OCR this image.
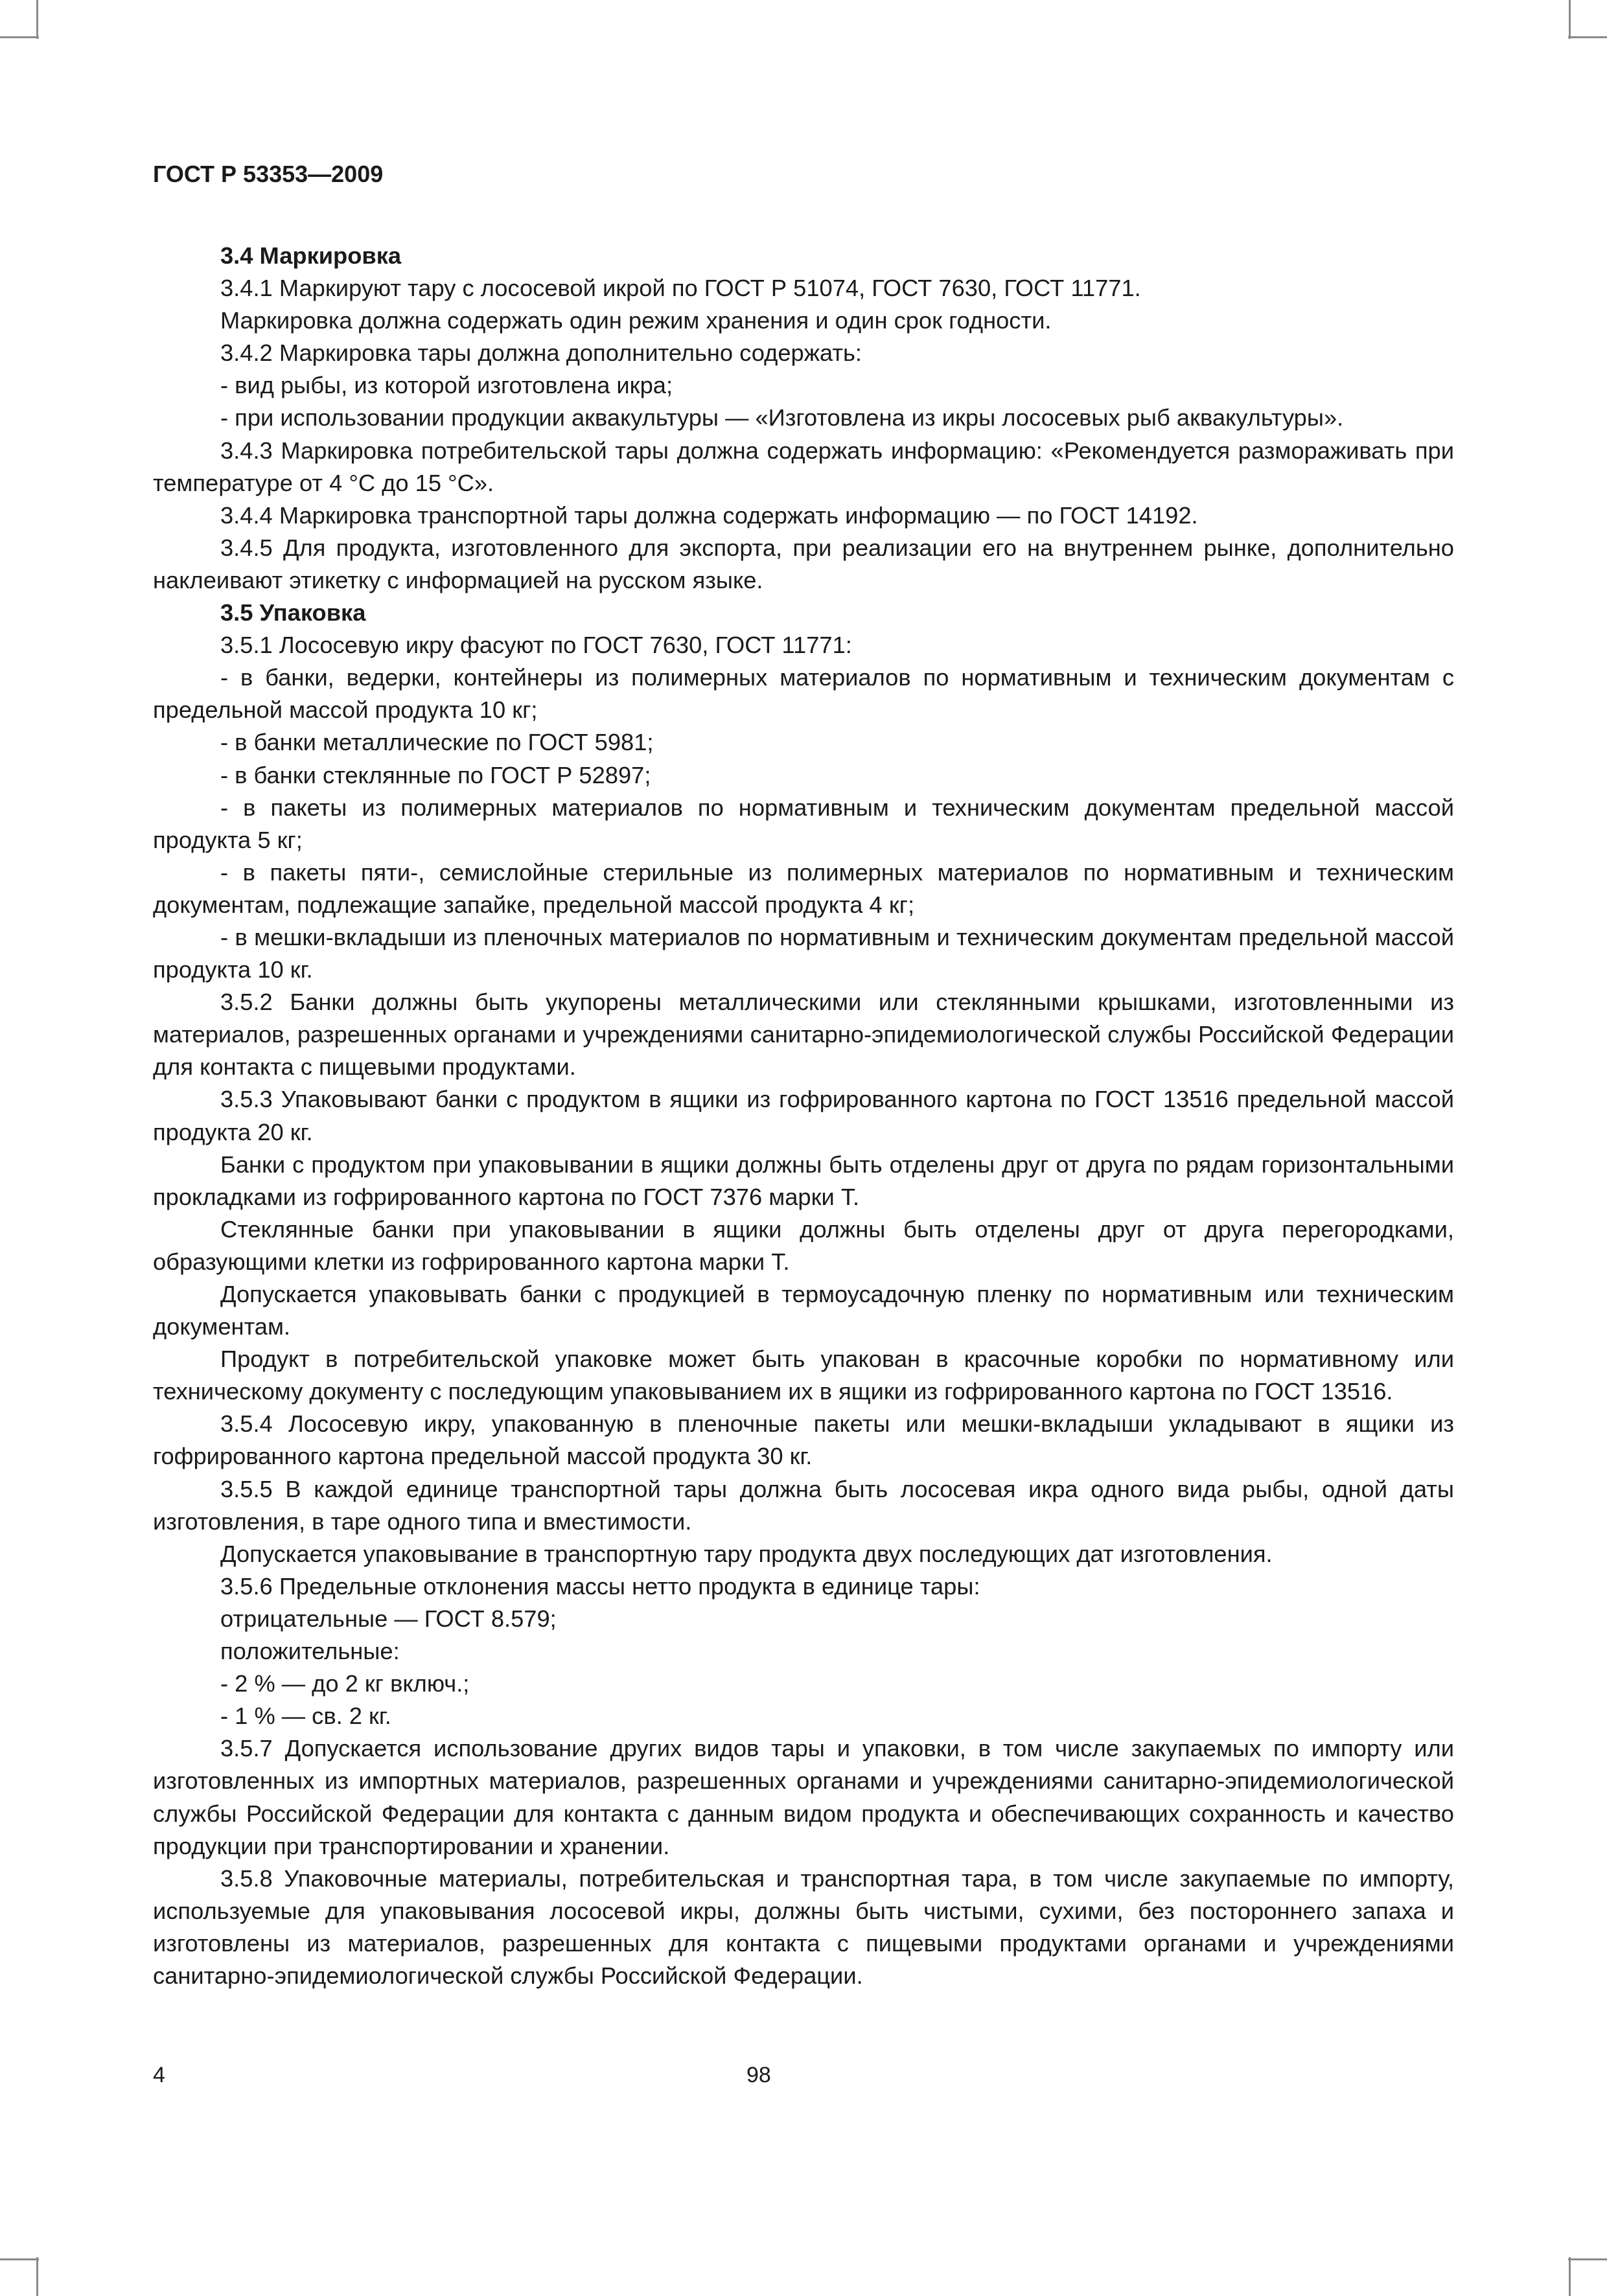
ГОСТ Р 53353—2009
3.4 Маркировка

3.4.1 Маркируют тару с лососевой икрой по ГОСТ Р 51074, ГОСТ 7630, ГОСТ 11771.

Маркировка должна содержать один режим хранения и один срок годности.

3.4.2 Маркировка тары должна дополнительно содержать:

- вид рыбы, из которой изготовлена икра;

- при использовании продукции аквакультуры — «Изготовлена из икры лососевых рыб аквакультуры».

3.4.3 Маркировка потребительской тары должна содержать информацию: «Рекомендуется размораживать при температуре от 4 °С до 15 °С».

3.4.4 Маркировка транспортной тары должна содержать информацию — по ГОСТ 14192.

3.4.5 Для продукта, изготовленного для экспорта, при реализации его на внутреннем рынке, дополнительно наклеивают этикетку с информацией на русском языке.

3.5 Упаковка

3.5.1 Лососевую икру фасуют по ГОСТ 7630, ГОСТ 11771:

- в банки, ведерки, контейнеры из полимерных материалов по нормативным и техническим документам с предельной массой продукта 10 кг;

- в банки металлические по ГОСТ 5981;

- в банки стеклянные по ГОСТ Р 52897;

- в пакеты из полимерных материалов по нормативным и техническим документам предельной массой продукта 5 кг;

- в пакеты пяти-, семислойные стерильные из полимерных материалов по нормативным и техническим документам, подлежащие запайке, предельной массой продукта 4 кг;

- в мешки-вкладыши из пленочных материалов по нормативным и техническим документам предельной массой продукта 10 кг.

3.5.2 Банки должны быть укупорены металлическими или стеклянными крышками, изготовленными из материалов, разрешенных органами и учреждениями санитарно-эпидемиологической службы Российской Федерации для контакта с пищевыми продуктами.

3.5.3 Упаковывают банки с продуктом в ящики из гофрированного картона по ГОСТ 13516 предельной массой продукта 20 кг.

Банки с продуктом при упаковывании в ящики должны быть отделены друг от друга по рядам горизонтальными прокладками из гофрированного картона по ГОСТ 7376 марки Т.

Стеклянные банки при упаковывании в ящики должны быть отделены друг от друга перегородками, образующими клетки из гофрированного картона марки Т.

Допускается упаковывать банки с продукцией в термоусадочную пленку по нормативным или техническим документам.

Продукт в потребительской упаковке может быть упакован в красочные коробки по нормативному или техническому документу с последующим упаковыванием их в ящики из гофрированного картона по ГОСТ 13516.

3.5.4 Лососевую икру, упакованную в пленочные пакеты или мешки-вкладыши укладывают в ящики из гофрированного картона предельной массой продукта 30 кг.

3.5.5 В каждой единице транспортной тары должна быть лососевая икра одного вида рыбы, одной даты изготовления, в таре одного типа и вместимости.

Допускается упаковывание в транспортную тару продукта двух последующих дат изготовления.

3.5.6 Предельные отклонения массы нетто продукта в единице тары:

отрицательные — ГОСТ 8.579;

положительные:

- 2 % — до 2 кг включ.;

- 1 % — св. 2 кг.

3.5.7 Допускается использование других видов тары и упаковки, в том числе закупаемых по импорту или изготовленных из импортных материалов, разрешенных органами и учреждениями санитарно-эпидемиологической службы Российской Федерации для контакта с данным видом продукта и обеспечивающих сохранность и качество продукции при транспортировании и хранении.

3.5.8 Упаковочные материалы, потребительская и транспортная тара, в том числе закупаемые по импорту, используемые для упаковывания лососевой икры, должны быть чистыми, сухими, без постороннего запаха и изготовлены из материалов, разрешенных для контакта с пищевыми продуктами органами и учреждениями санитарно-эпидемиологической службы Российской Федерации.

4	98
